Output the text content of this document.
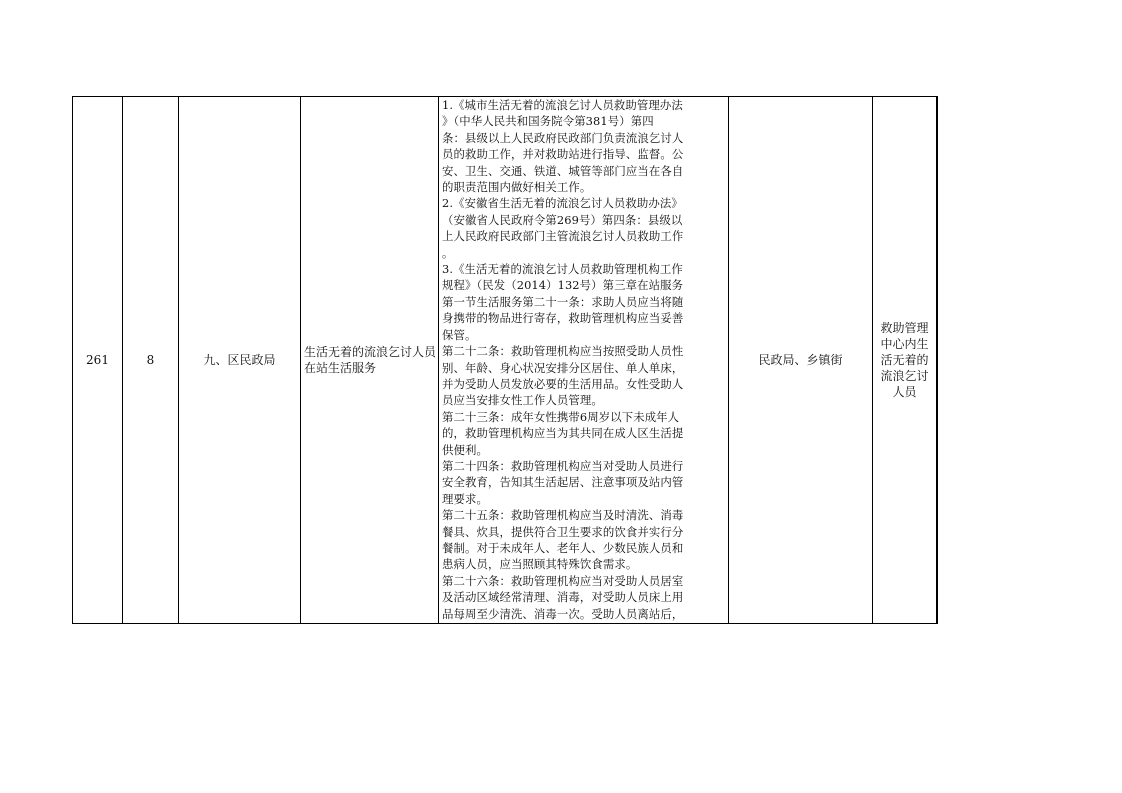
261	8	九、区民政局
生活无着的流浪乞讨人员在站生活服务
1.《城市生活无着的流浪乞讨人员救助管理办法
》（中华人民共和国务院令第381号）第四
条：县级以上人民政府民政部门负责流浪乞讨人
员的救助工作，并对救助站进行指导、监督。公
安、卫生、交通、铁道、城管等部门应当在各自
的职责范围内做好相关工作。
2.《安徽省生活无着的流浪乞讨人员救助办法》
（安徽省人民政府令第269号）第四条：县级以
上人民政府民政部门主管流浪乞讨人员救助工作
。
3.《生活无着的流浪乞讨人员救助管理机构工作
规程》（民发（2014）132号）第三章在站服务
第一节生活服务第二十一条：求助人员应当将随
身携带的物品进行寄存，救助管理机构应当妥善
保管。
第二十二条：救助管理机构应当按照受助人员性
别、年龄、身心状况安排分区居住、单人单床，
并为受助人员发放必要的生活用品。女性受助人
员应当安排女性工作人员管理。
第二十三条：成年女性携带6周岁以下未成年人
的，救助管理机构应当为其共同在成人区生活提
供便利。
第二十四条：救助管理机构应当对受助人员进行
安全教育，告知其生活起居、注意事项及站内管
理要求。
第二十五条：救助管理机构应当及时清洗、消毒
餐具、炊具，提供符合卫生要求的饮食并实行分
餐制。对于未成年人、老年人、少数民族人员和
患病人员，应当照顾其特殊饮食需求。
第二十六条：救助管理机构应当对受助人员居室
及活动区域经常清理、消毒，对受助人员床上用
品每周至少清洗、消毒一次。受助人员离站后，
民政局、乡镇街
救助管理
中心内生
活无着的
流浪乞讨
人员
